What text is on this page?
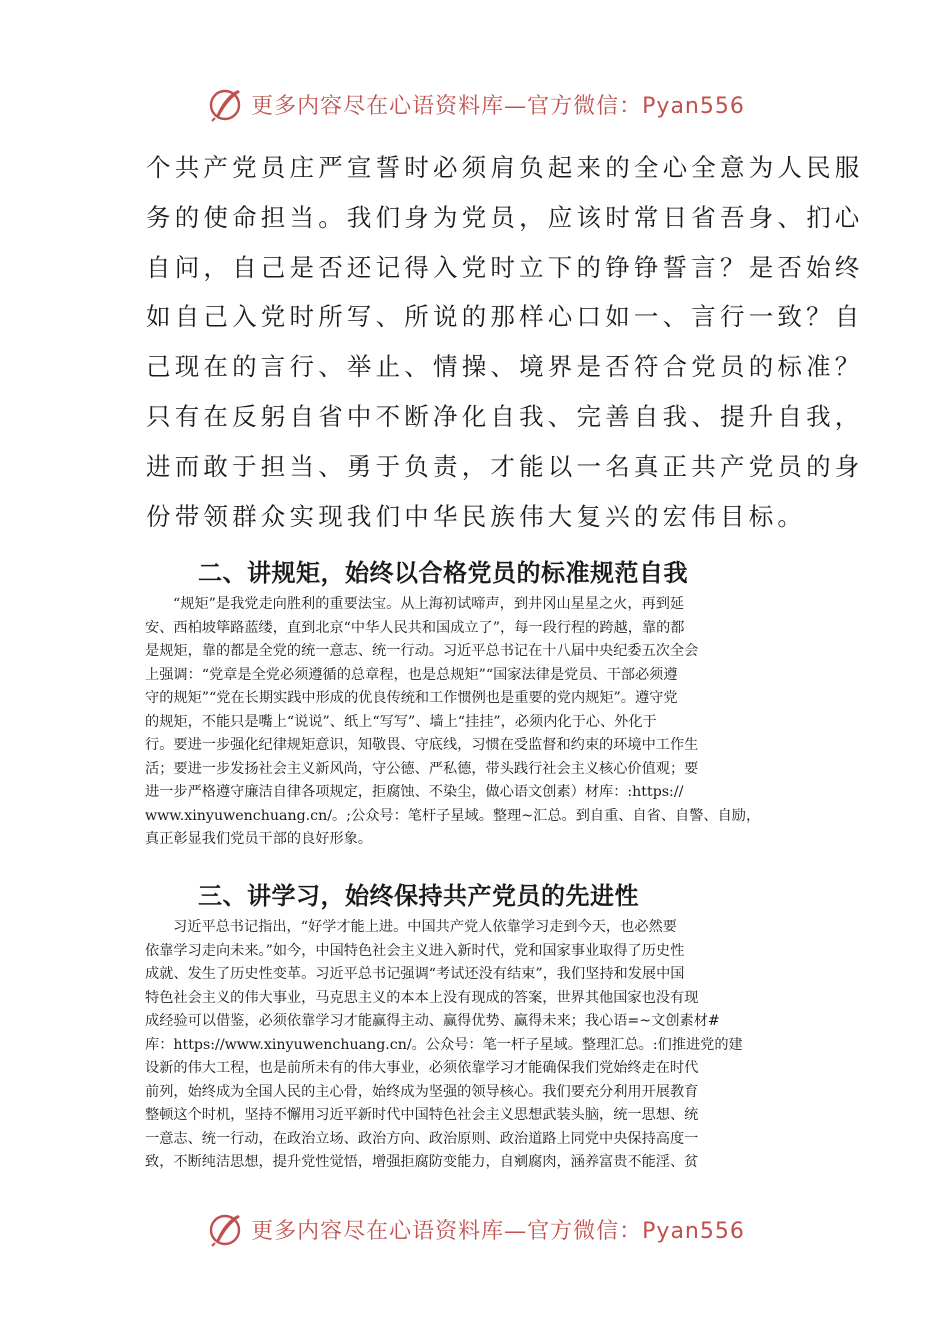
更多内容尽在心语资料库—官方微信：Pyan556

个共产党员庄严宣誓时必须肩负起来的全心全意为人民服

务的使命担当。我们身为党员，应该时常日省吾身、扪心

自问，自己是否还记得入党时立下的铮铮誓言？是否始终

如自己入党时所写、所说的那样心口如一、言行一致？自

己现在的言行、举止、情操、境界是否符合党员的标准？

只有在反躬自省中不断净化自我、完善自我、提升自我，

进而敢于担当、勇于负责，才能以一名真正共产党员的身

份带领群众实现我们中华民族伟大复兴的宏伟目标。

二、讲规矩，始终以合格党员的标准规范自我

“规矩”是我党走向胜利的重要法宝。从上海初试啼声，到井冈山星星之火，再到延

安、西柏坡筚路蓝缕，直到北京“中华人民共和国成立了”，每一段行程的跨越，靠的都

是规矩，靠的都是全党的统一意志、统一行动。习近平总书记在十八届中央纪委五次全会

上强调：“党章是全党必须遵循的总章程，也是总规矩”“国家法律是党员、干部必须遵

守的规矩”“党在长期实践中形成的优良传统和工作惯例也是重要的党内规矩”。遵守党

的规矩，不能只是嘴上“说说”、纸上“写写”、墙上“挂挂”，必须内化于心、外化于

行。要进一步强化纪律规矩意识，知敬畏、守底线，习惯在受监督和约束的环境中工作生

活；要进一步发扬社会主义新风尚，守公德、严私德，带头践行社会主义核心价值观；要

进一步严格遵守廉洁自律各项规定，拒腐蚀、不染尘，做心语文创素）材库：:https://

www.xinyuwenchuang.cn/。;公众号：笔杆子星域。整理~汇总。到自重、自省、自警、自励，

真正彰显我们党员干部的良好形象。

三、讲学习，始终保持共产党员的先进性

习近平总书记指出，“好学才能上进。中国共产党人依靠学习走到今天，也必然要

依靠学习走向未来。”如今，中国特色社会主义进入新时代，党和国家事业取得了历史性

成就、发生了历史性变革。习近平总书记强调“考试还没有结束”，我们坚持和发展中国

特色社会主义的伟大事业，马克思主义的本本上没有现成的答案，世界其他国家也没有现

成经验可以借鉴，必须依靠学习才能赢得主动、赢得优势、赢得未来；我心语=~文创素材#

库：https://www.xinyuwenchuang.cn/。公众号：笔一杆子星域。整理汇总。:们推进党的建

设新的伟大工程，也是前所未有的伟大事业，必须依靠学习才能确保我们党始终走在时代

前列，始终成为全国人民的主心骨，始终成为坚强的领导核心。我们要充分利用开展教育

整顿这个时机，坚持不懈用习近平新时代中国特色社会主义思想武装头脑，统一思想、统

一意志、统一行动，在政治立场、政治方向、政治原则、政治道路上同党中央保持高度一

致，不断纯洁思想，提升党性觉悟，增强拒腐防变能力，自剜腐肉，涵养富贵不能淫、贫

更多内容尽在心语资料库—官方微信：Pyan556
